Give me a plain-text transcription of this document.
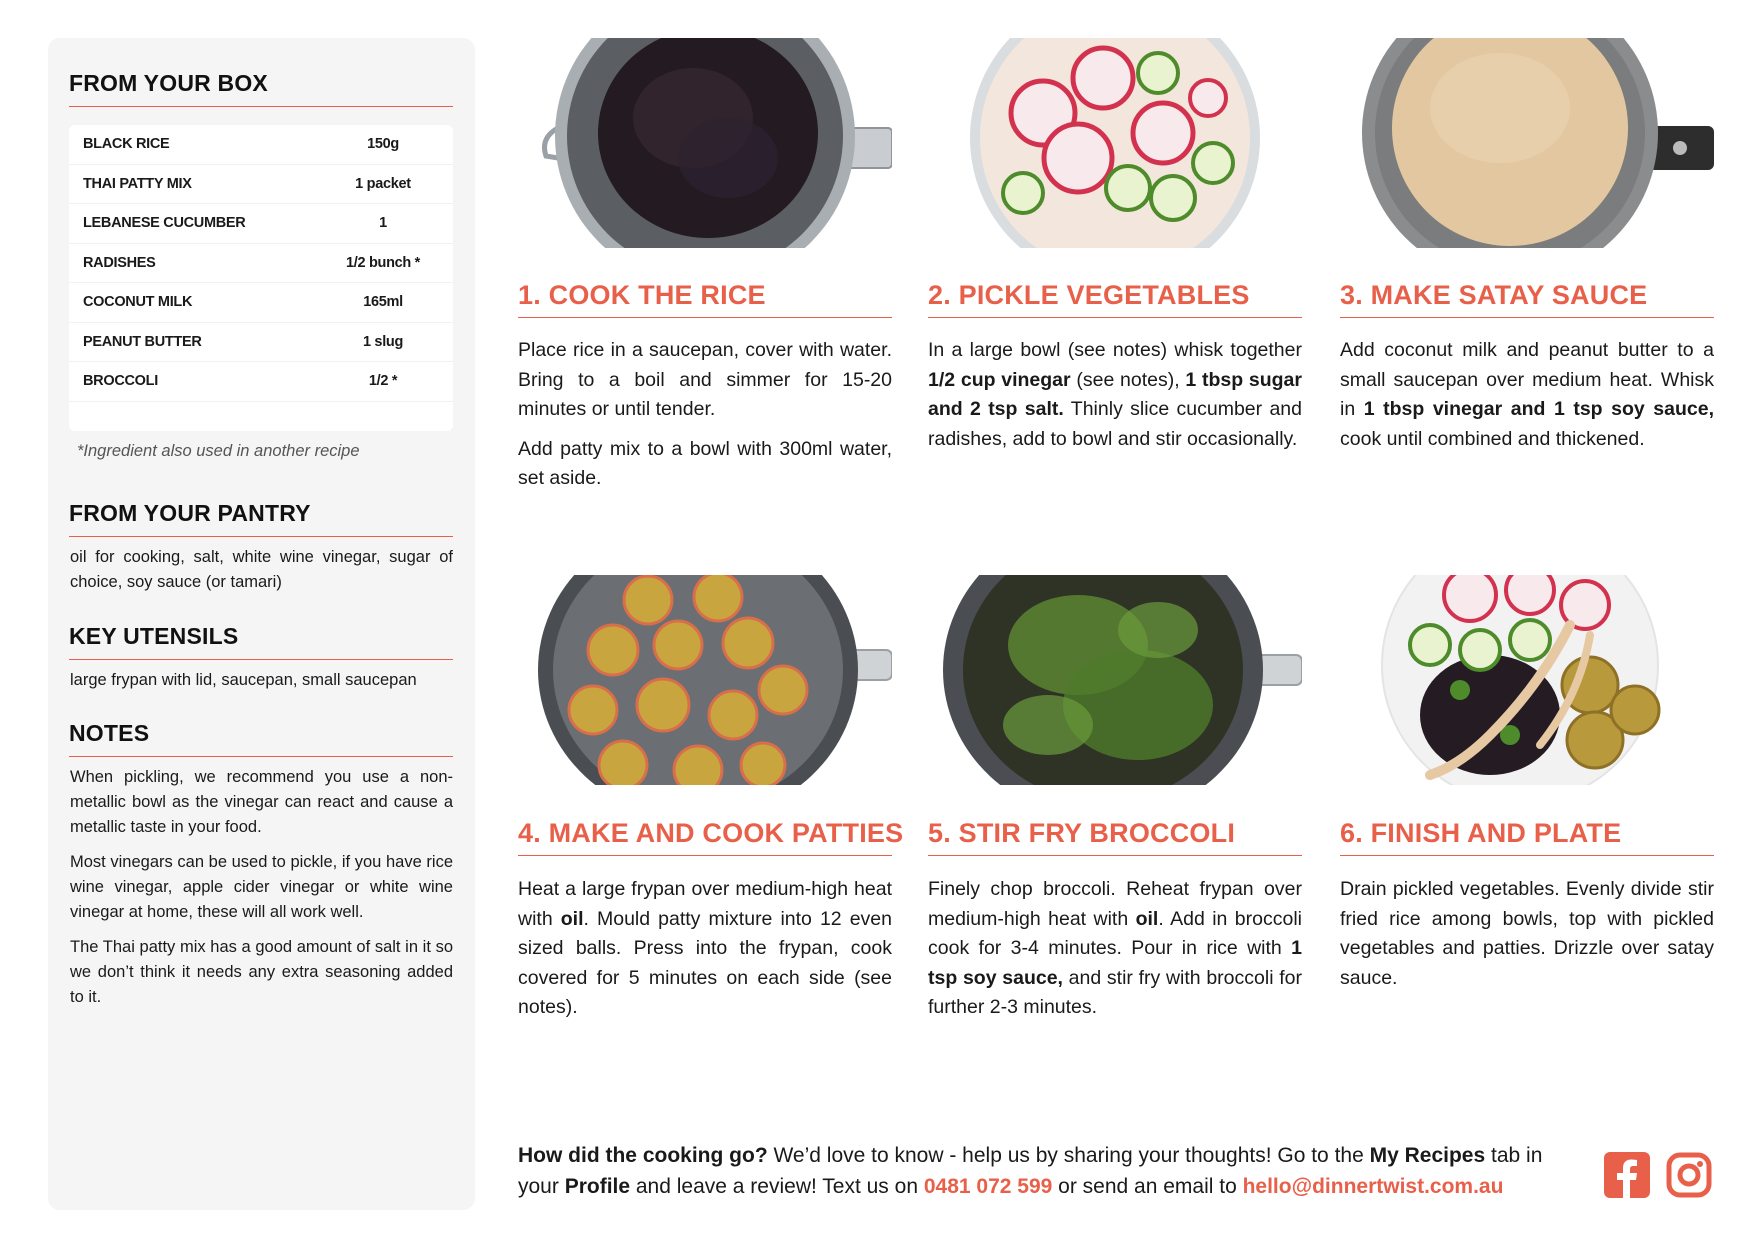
FROM YOUR BOX
BLACK RICE	150g
THAI PATTY MIX	1 packet
LEBANESE CUCUMBER	1
RADISHES	1/2 bunch *
COCONUT MILK	165ml
PEANUT BUTTER	1 slug
BROCCOLI	1/2 *
*Ingredient also used in another recipe
FROM YOUR PANTRY

oil for cooking, salt, white wine vinegar, sugar of choice, soy sauce (or tamari)

KEY UTENSILS

large frypan with lid, saucepan, small saucepan

NOTES

When pickling, we recommend you use a non-metallic bowl as the vinegar can react and cause a metallic taste in your food.

Most vinegars can be used to pickle, if you have rice wine vinegar, apple cider vinegar or white wine vinegar at home, these will all work well.

The Thai patty mix has a good amount of salt in it so we don’t think it needs any extra seasoning added to it.

1. COOK THE RICE	2. PICKLE VEGETABLES	3. MAKE SATAY SAUCE
4. MAKE AND COOK PATTIES 5. STIR FRY BROCCOLI	6. FINISH AND PLATE

Place rice in a saucepan, cover with water. Bring to a boil and simmer for 15-20 minutes or until tender.

Add patty mix to a bowl with 300ml water, set aside.

In a large bowl (see notes) whisk together 1/2 cup vinegar (see notes), 1 tbsp sugar and 2 tsp salt. Thinly slice cucumber and radishes, add to bowl and stir occasionally.

Add coconut milk and peanut butter to a small saucepan over medium heat. Whisk in 1 tbsp vinegar and 1 tsp soy sauce, cook until combined and thickened.

Heat a large frypan over medium-high heat with oil. Mould patty mixture into 12 even sized balls. Press into the frypan, cook covered for 5 minutes on each side (see notes).

Finely chop broccoli. Reheat frypan over medium-high heat with oil. Add in broccoli cook for 3-4 minutes. Pour in rice with 1 tsp soy sauce, and stir fry with broccoli for further 2-3 minutes.

Drain pickled vegetables. Evenly divide stir fried rice among bowls, top with pickled vegetables and patties. Drizzle over satay sauce.

How did the cooking go? We’d love to know - help us by sharing your thoughts! Go to the My Recipes tab in your Profile and leave a review! Text us on 0481 072 599 or send an email to hello@dinnertwist.com.au
